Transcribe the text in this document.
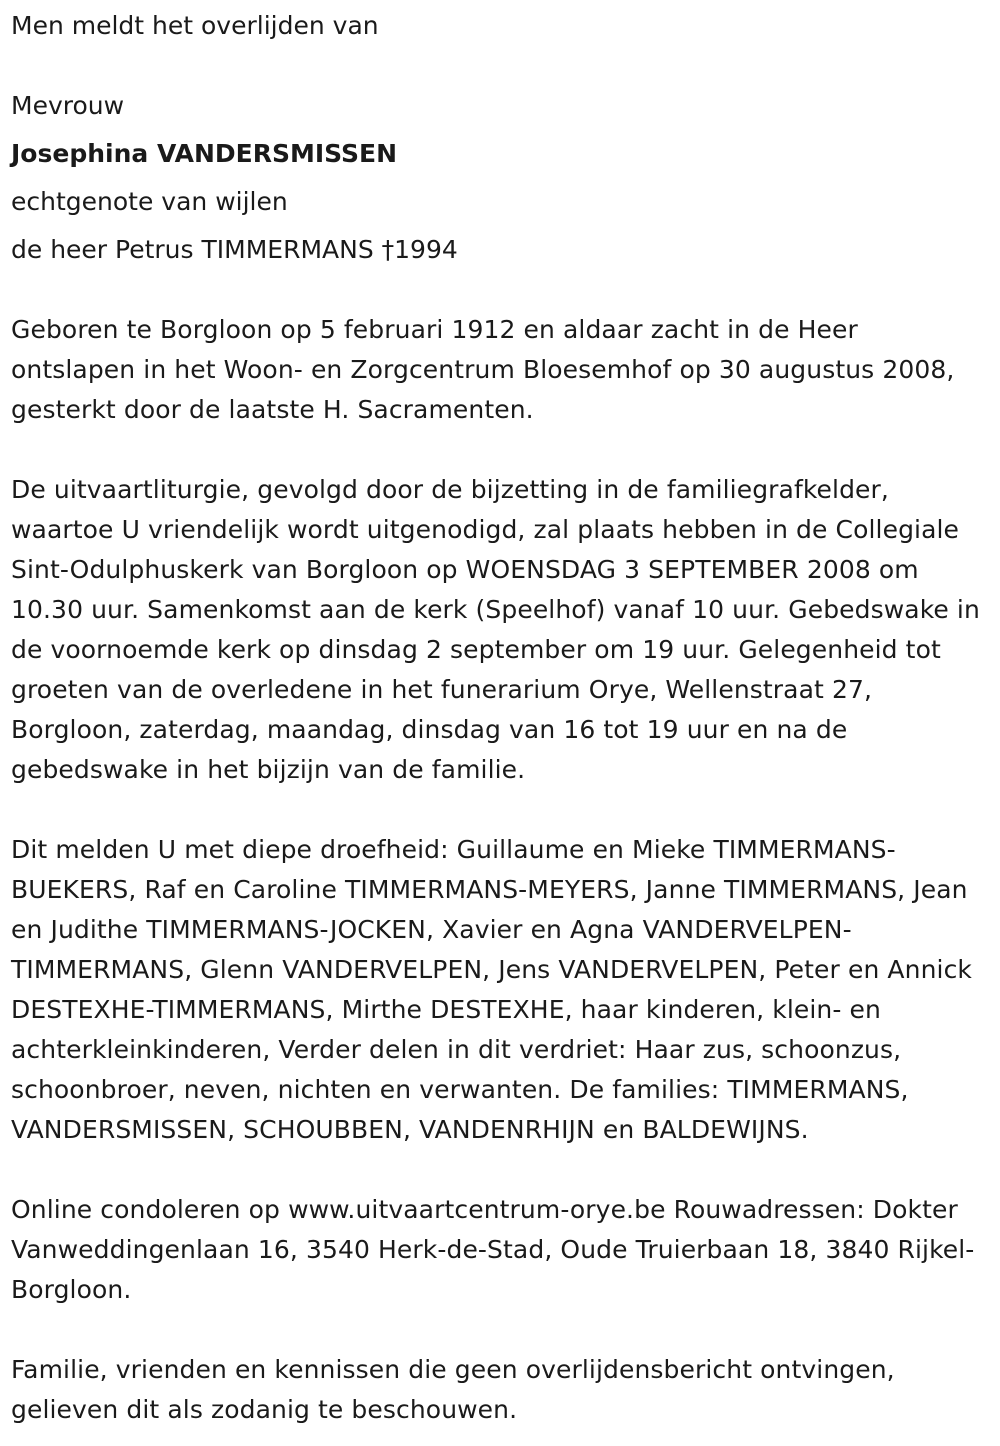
Men meldt het overlijden van

Mevrouw

Josephina VANDERSMISSEN

echtgenote van wijlen

de heer Petrus TIMMERMANS †1994

Geboren te Borgloon op 5 februari 1912 en aldaar zacht in de Heer ontslapen in het Woon- en Zorgcentrum Bloesemhof op 30 augustus 2008, gesterkt door de laatste H. Sacramenten.

De uitvaartliturgie, gevolgd door de bijzetting in de familiegrafkelder, waartoe U vriendelijk wordt uitgenodigd, zal plaats hebben in de Collegiale Sint-Odulphuskerk van Borgloon op WOENSDAG 3 SEPTEMBER 2008 om 10.30 uur. Samenkomst aan de kerk (Speelhof) vanaf 10 uur. Gebedswake in de voornoemde kerk op dinsdag 2 september om 19 uur. Gelegenheid tot groeten van de overledene in het funerarium Orye, Wellenstraat 27, Borgloon, zaterdag, maandag, dinsdag van 16 tot 19 uur en na de gebedswake in het bijzijn van de familie.

Dit melden U met diepe droefheid: Guillaume en Mieke TIMMERMANS-BUEKERS, Raf en Caroline TIMMERMANS-MEYERS, Janne TIMMERMANS, Jean en Judithe TIMMERMANS-JOCKEN, Xavier en Agna VANDERVELPEN-TIMMERMANS, Glenn VANDERVELPEN, Jens VANDERVELPEN, Peter en Annick DESTEXHE-TIMMERMANS, Mirthe DESTEXHE, haar kinderen, klein- en achterkleinkinderen, Verder delen in dit verdriet: Haar zus, schoonzus, schoonbroer, neven, nichten en verwanten. De families: TIMMERMANS, VANDERSMISSEN, SCHOUBBEN, VANDENRHIJN en BALDEWIJNS.

Online condoleren op www.uitvaartcentrum-orye.be Rouwadressen: Dokter Vanweddingenlaan 16, 3540 Herk-de-Stad, Oude Truierbaan 18, 3840 Rijkel-Borgloon.

Familie, vrienden en kennissen die geen overlijdensbericht ontvingen, gelieven dit als zodanig te beschouwen.
